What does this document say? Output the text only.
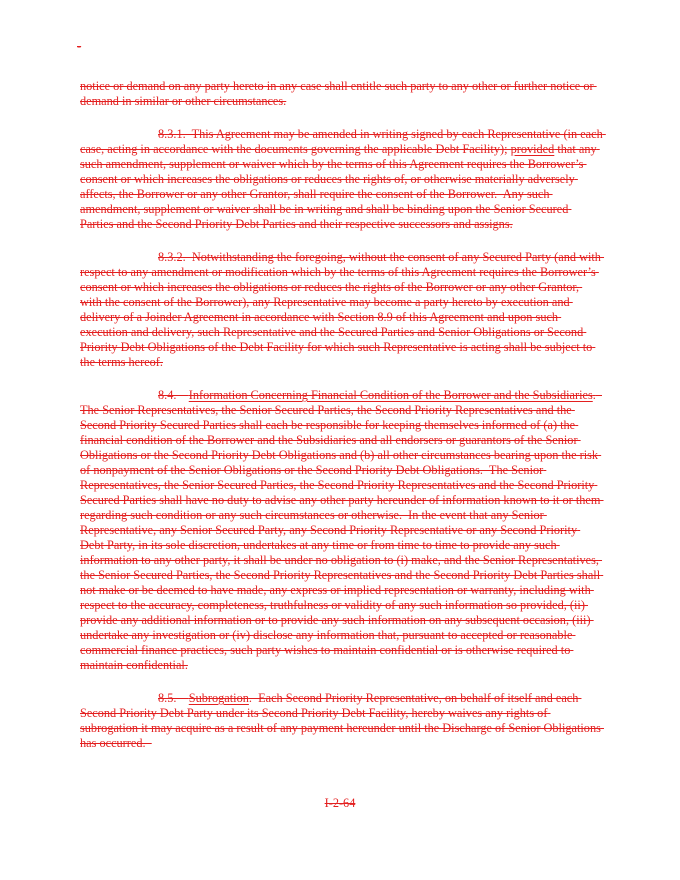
-

notice or demand on any party hereto in any case shall entitle such party to any other or further notice or demand in similar or other circumstances.

8.3.1.  This Agreement may be amended in writing signed by each Representative (in each case, acting in accordance with the documents governing the applicable Debt Facility); provided that any such amendment, supplement or waiver which by the terms of this Agreement requires the Borrower’s consent or which increases the obligations or reduces the rights of, or otherwise materially adversely affects, the Borrower or any other Grantor, shall require the consent of the Borrower.  Any such amendment, supplement or waiver shall be in writing and shall be binding upon the Senior Secured Parties and the Second Priority Debt Parties and their respective successors and assigns.

8.3.2.  Notwithstanding the foregoing, without the consent of any Secured Party (and with respect to any amendment or modification which by the terms of this Agreement requires the Borrower’s consent or which increases the obligations or reduces the rights of the Borrower or any other Grantor, with the consent of the Borrower), any Representative may become a party hereto by execution and delivery of a Joinder Agreement in accordance with Section 8.9 of this Agreement and upon such execution and delivery, such Representative and the Secured Parties and Senior Obligations or Second Priority Debt Obligations of the Debt Facility for which such Representative is acting shall be subject to the terms hereof.

8.4.    Information Concerning Financial Condition of the Borrower and the Subsidiaries.  The Senior Representatives, the Senior Secured Parties, the Second Priority Representatives and the Second Priority Secured Parties shall each be responsible for keeping themselves informed of (a) the financial condition of the Borrower and the Subsidiaries and all endorsers or guarantors of the Senior Obligations or the Second Priority Debt Obligations and (b) all other circumstances bearing upon the risk of nonpayment of the Senior Obligations or the Second Priority Debt Obligations.  The Senior Representatives, the Senior Secured Parties, the Second Priority Representatives and the Second Priority Secured Parties shall have no duty to advise any other party hereunder of information known to it or them regarding such condition or any such circumstances or otherwise.  In the event that any Senior Representative, any Senior Secured Party, any Second Priority Representative or any Second Priority Debt Party, in its sole discretion, undertakes at any time or from time to time to provide any such information to any other party, it shall be under no obligation to (i) make, and the Senior Representatives, the Senior Secured Parties, the Second Priority Representatives and the Second Priority Debt Parties shall not make or be deemed to have made, any express or implied representation or warranty, including with respect to the accuracy, completeness, truthfulness or validity of any such information so provided, (ii) provide any additional information or to provide any such information on any subsequent occasion, (iii) undertake any investigation or (iv) disclose any information that, pursuant to accepted or reasonable commercial finance practices, such party wishes to maintain confidential or is otherwise required to maintain confidential.

8.5.    Subrogation.  Each Second Priority Representative, on behalf of itself and each Second Priority Debt Party under its Second Priority Debt Facility, hereby waives any rights of subrogation it may acquire as a result of any payment hereunder until the Discharge of Senior Obligations has occurred.

I-2-64
